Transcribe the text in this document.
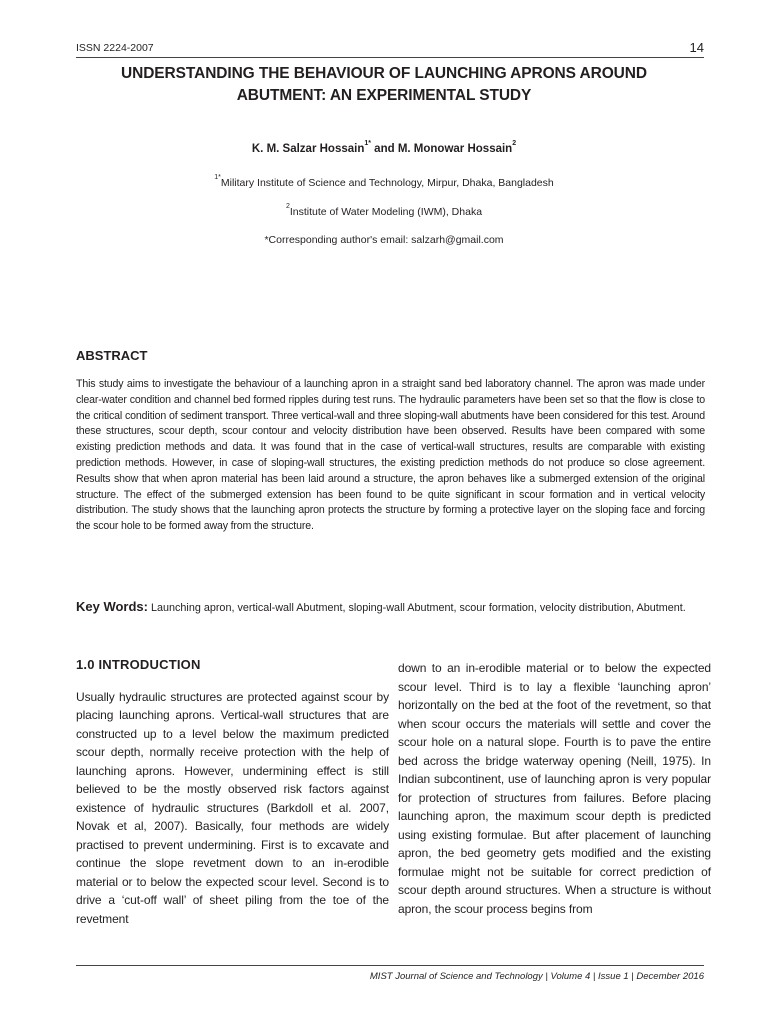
ISSN 2224-2007	14
UNDERSTANDING THE BEHAVIOUR OF LAUNCHING APRONS AROUND
ABUTMENT: AN EXPERIMENTAL STUDY
K. M. Salzar Hossain$^{1*}$ and M. Monowar Hossain$^2$
$^{1*}$Military Institute of Science and Technology, Mirpur, Dhaka, Bangladesh
$^2$Institute of Water Modeling (IWM), Dhaka
*Corresponding author's email: salzarh@gmail.com
ABSTRACT
This study aims to investigate the behaviour of a launching apron in a straight sand bed laboratory channel. The apron was made under clear-water condition and channel bed formed ripples during test runs. The hydraulic parameters have been set so that the flow is close to the critical condition of sediment transport. Three vertical-wall and three sloping-wall abutments have been considered for this test. Around these structures, scour depth, scour contour and velocity distribution have been observed. Results have been compared with some existing prediction methods and data. It was found that in the case of vertical-wall structures, results are comparable with existing prediction methods. However, in case of sloping-wall structures, the existing prediction methods do not produce so close agreement. Results show that when apron material has been laid around a structure, the apron behaves like a submerged extension of the original structure. The effect of the submerged extension has been found to be quite significant in scour formation and in vertical velocity distribution. The study shows that the launching apron protects the structure by forming a protective layer on the sloping face and forcing the scour hole to be formed away from the structure.
Key Words: Launching apron, vertical-wall Abutment, sloping-wall Abutment, scour formation, velocity distribution, Abutment.
1.0 INTRODUCTION

Usually hydraulic structures are protected against scour by placing launching aprons. Vertical-wall structures that are constructed up to a level below the maximum predicted scour depth, normally receive protection with the help of launching aprons. However, undermining effect is still believed to be the mostly observed risk factors against existence of hydraulic structures (Barkdoll et al. 2007, Novak et al, 2007). Basically, four methods are widely practised to prevent undermining. First is to excavate and continue the slope revetment down to an in-erodible material or to below the expected scour level. Second is to drive a ‘cut-off wall’ of sheet piling from the toe of the revetment

down to an in-erodible material or to below the expected scour level. Third is to lay a flexible ‘launching apron’ horizontally on the bed at the foot of the revetment, so that when scour occurs the materials will settle and cover the scour hole on a natural slope. Fourth is to pave the entire bed across the bridge waterway opening (Neill, 1975). In Indian subcontinent, use of launching apron is very popular for protection of structures from failures. Before placing launching apron, the maximum scour depth is predicted using existing formulae. But after placement of launching apron, the bed geometry gets modified and the existing formulae might not be suitable for correct prediction of scour depth around structures. When a structure is without apron, the scour process begins from

MIST Journal of Science and Technology | Volume 4 | Issue 1 | December 2016
